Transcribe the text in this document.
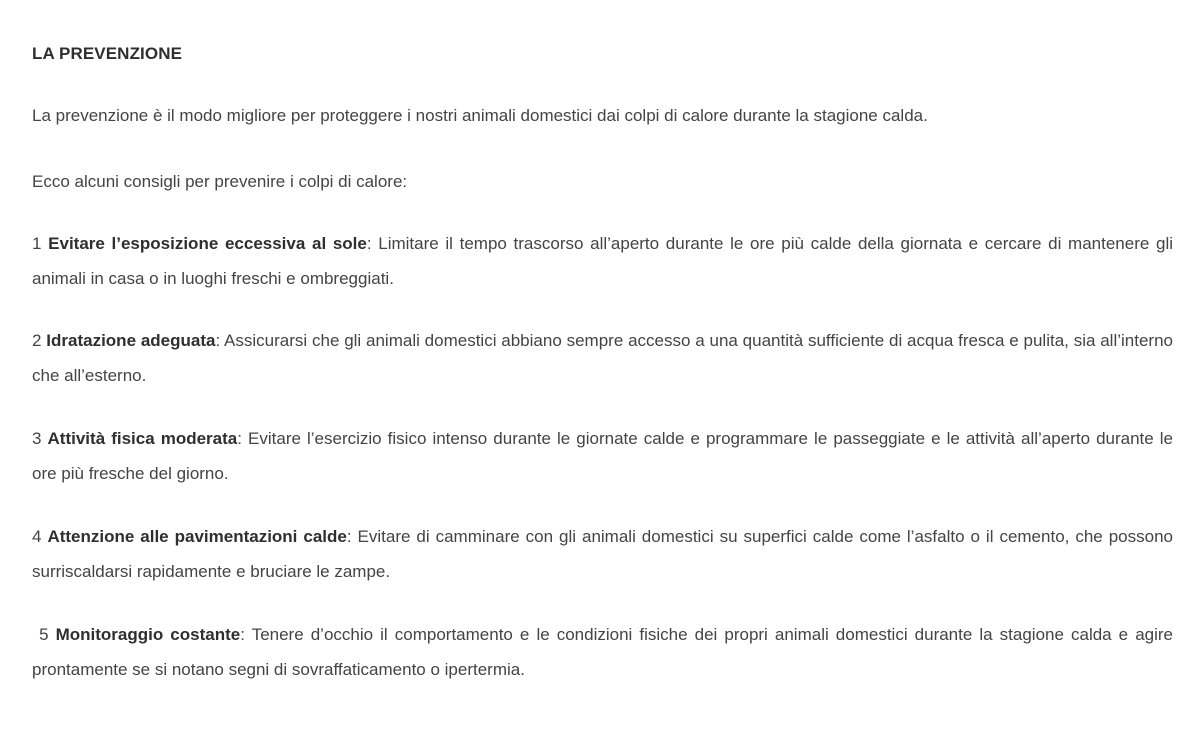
LA PREVENZIONE

La prevenzione è il modo migliore per proteggere i nostri animali domestici dai colpi di calore durante la stagione calda.

Ecco alcuni consigli per prevenire i colpi di calore:

1 Evitare l’esposizione eccessiva al sole: Limitare il tempo trascorso all’aperto durante le ore più calde della giornata e cercare di mantenere gli animali in casa o in luoghi freschi e ombreggiati.

2 Idratazione adeguata: Assicurarsi che gli animali domestici abbiano sempre accesso a una quantità sufficiente di acqua fresca e pulita, sia all’interno che all’esterno.

3 Attività fisica moderata: Evitare l’esercizio fisico intenso durante le giornate calde e programmare le passeggiate e le attività all’aperto durante le ore più fresche del giorno.

4 Attenzione alle pavimentazioni calde: Evitare di camminare con gli animali domestici su superfici calde come l’asfalto o il cemento, che possono surriscaldarsi rapidamente e bruciare le zampe.

5 Monitoraggio costante: Tenere d’occhio il comportamento e le condizioni fisiche dei propri animali domestici durante la stagione calda e agire prontamente se si notano segni di sovraffaticamento o ipertermia.
